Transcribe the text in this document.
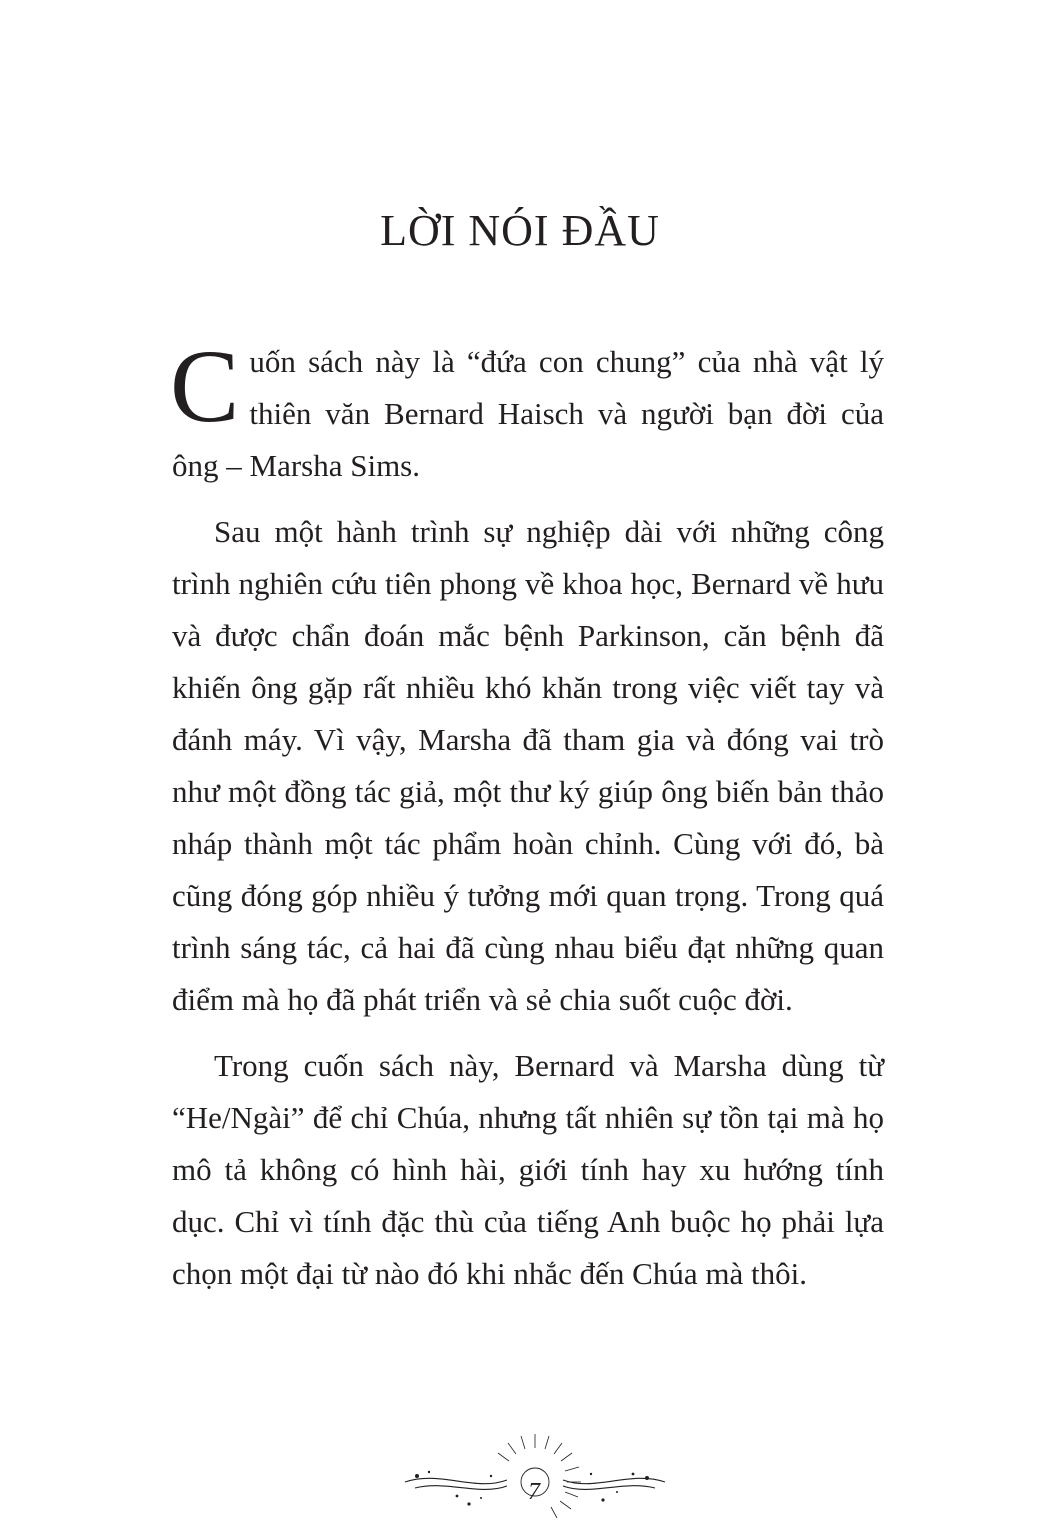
LỜI NÓI ĐẦU

Cuốn sách này là “đứa con chung” của nhà vật lý thiên văn Bernard Haisch và người bạn đời của ông – Marsha Sims.

Sau một hành trình sự nghiệp dài với những công trình nghiên cứu tiên phong về khoa học, Bernard về hưu và được chẩn đoán mắc bệnh Parkinson, căn bệnh đã khiến ông gặp rất nhiều khó khăn trong việc viết tay và đánh máy. Vì vậy, Marsha đã tham gia và đóng vai trò như một đồng tác giả, một thư ký giúp ông biến bản thảo nháp thành một tác phẩm hoàn chỉnh. Cùng với đó, bà cũng đóng góp nhiều ý tưởng mới quan trọng. Trong quá trình sáng tác, cả hai đã cùng nhau biểu đạt những quan điểm mà họ đã phát triển và sẻ chia suốt cuộc đời.

Trong cuốn sách này, Bernard và Marsha dùng từ “He/Ngài” để chỉ Chúa, nhưng tất nhiên sự tồn tại mà họ mô tả không có hình hài, giới tính hay xu hướng tính dục. Chỉ vì tính đặc thù của tiếng Anh buộc họ phải lựa chọn một đại từ nào đó khi nhắc đến Chúa mà thôi.

7
